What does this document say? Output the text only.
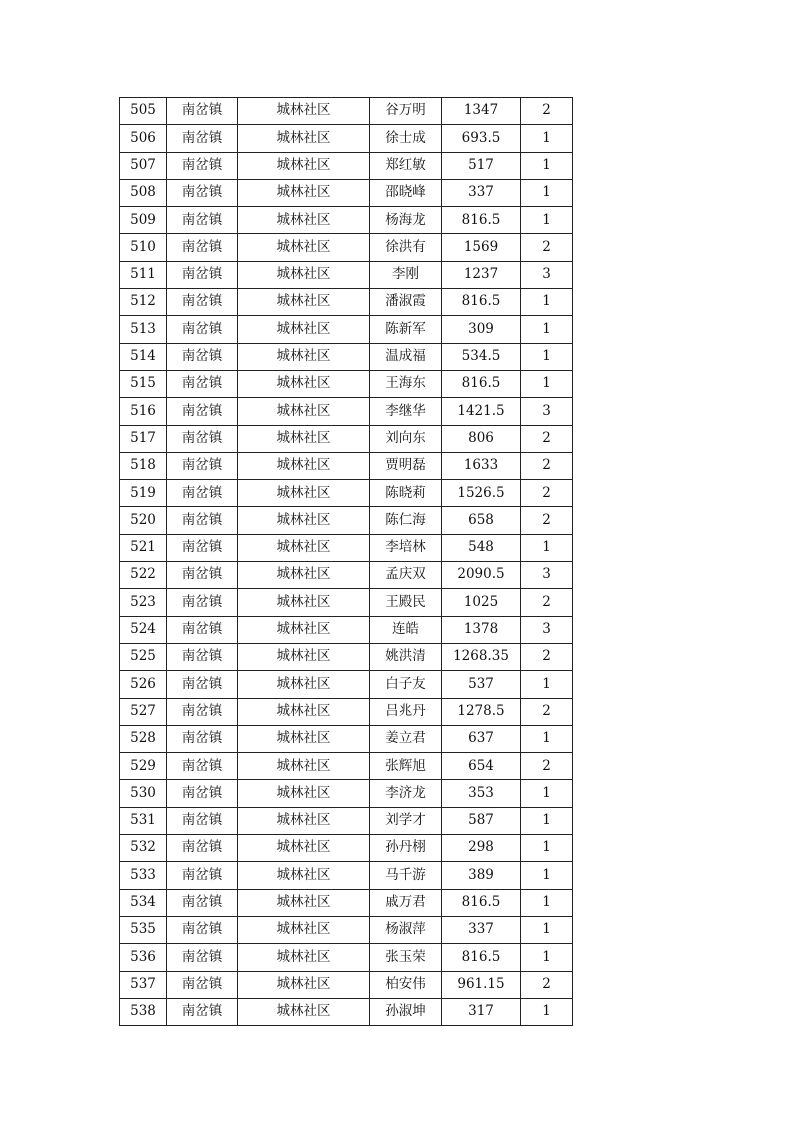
505	南岔镇	城林社区	谷万明	1347	2
506	南岔镇	城林社区	徐士成	693.5	1
507	南岔镇	城林社区	郑红敏	517	1
508	南岔镇	城林社区	邵晓峰	337	1
509	南岔镇	城林社区	杨海龙	816.5	1
510	南岔镇	城林社区	徐洪有	1569	2
511	南岔镇	城林社区	李刚	1237	3
512	南岔镇	城林社区	潘淑霞	816.5	1
513	南岔镇	城林社区	陈新军	309	1
514	南岔镇	城林社区	温成福	534.5	1
515	南岔镇	城林社区	王海东	816.5	1
516	南岔镇	城林社区	李继华	1421.5	3
517	南岔镇	城林社区	刘向东	806	2
518	南岔镇	城林社区	贾明磊	1633	2
519	南岔镇	城林社区	陈晓莉	1526.5	2
520	南岔镇	城林社区	陈仁海	658	2
521	南岔镇	城林社区	李培林	548	1
522	南岔镇	城林社区	孟庆双	2090.5	3
523	南岔镇	城林社区	王殿民	1025	2
524	南岔镇	城林社区	连皓	1378	3
525	南岔镇	城林社区	姚洪清	1268.35	2
526	南岔镇	城林社区	白子友	537	1
527	南岔镇	城林社区	吕兆丹	1278.5	2
528	南岔镇	城林社区	姜立君	637	1
529	南岔镇	城林社区	张辉旭	654	2
530	南岔镇	城林社区	李济龙	353	1
531	南岔镇	城林社区	刘学才	587	1
532	南岔镇	城林社区	孙丹栩	298	1
533	南岔镇	城林社区	马千游	389	1
534	南岔镇	城林社区	戚万君	816.5	1
535	南岔镇	城林社区	杨淑萍	337	1
536	南岔镇	城林社区	张玉荣	816.5	1
537	南岔镇	城林社区	柏安伟	961.15	2
538	南岔镇	城林社区	孙淑坤	317	1
